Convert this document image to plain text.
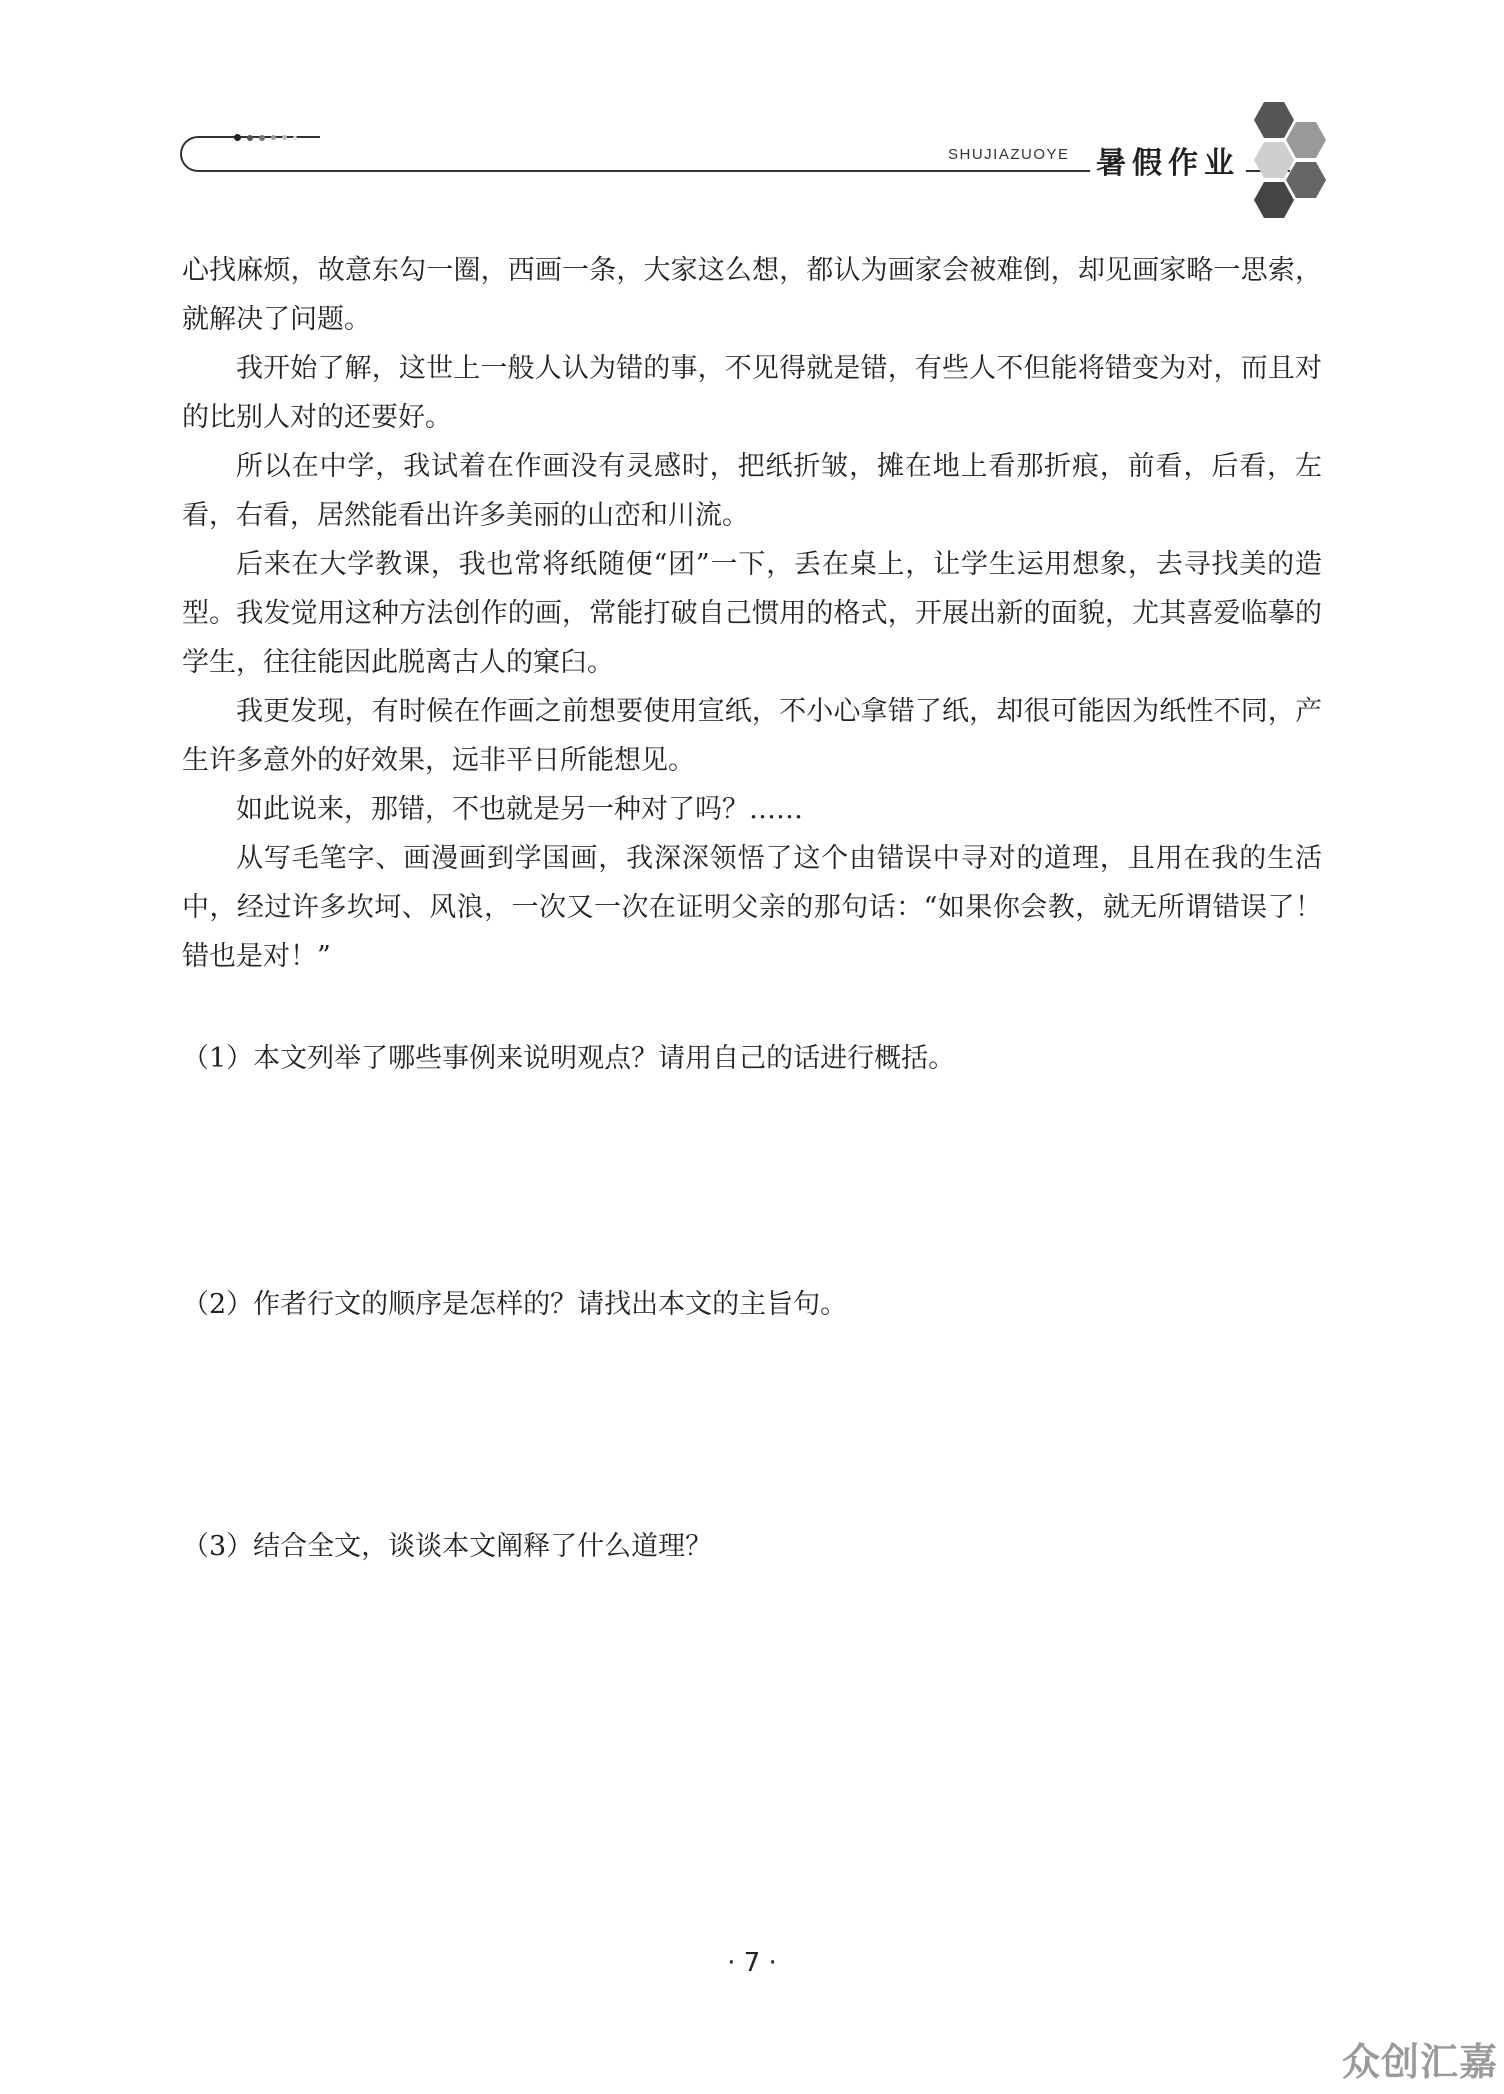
SHUJIAZUOYE 暑假作业

心找麻烦，故意东勾一圈，西画一条，大家这么想，都认为画家会被难倒，却见画家略一思索，就解决了问题。

我开始了解，这世上一般人认为错的事，不见得就是错，有些人不但能将错变为对，而且对的比别人对的还要好。

所以在中学，我试着在作画没有灵感时，把纸折皱，摊在地上看那折痕，前看，后看，左看，右看，居然能看出许多美丽的山峦和川流。

后来在大学教课，我也常将纸随便“团”一下，丢在桌上，让学生运用想象，去寻找美的造型。我发觉用这种方法创作的画，常能打破自己惯用的格式，开展出新的面貌，尤其喜爱临摹的学生，往往能因此脱离古人的窠臼。

我更发现，有时候在作画之前想要使用宣纸，不小心拿错了纸，却很可能因为纸性不同，产生许多意外的好效果，远非平日所能想见。

如此说来，那错，不也就是另一种对了吗？……

从写毛笔字、画漫画到学国画，我深深领悟了这个由错误中寻对的道理，且用在我的生活中，经过许多坎坷、风浪，一次又一次在证明父亲的那句话：“如果你会教，就无所谓错误了！错也是对！”

（1）本文列举了哪些事例来说明观点？请用自己的话进行概括。

（2）作者行文的顺序是怎样的？请找出本文的主旨句。

（3）结合全文，谈谈本文阐释了什么道理？

· 7 ·
众创汇嘉
